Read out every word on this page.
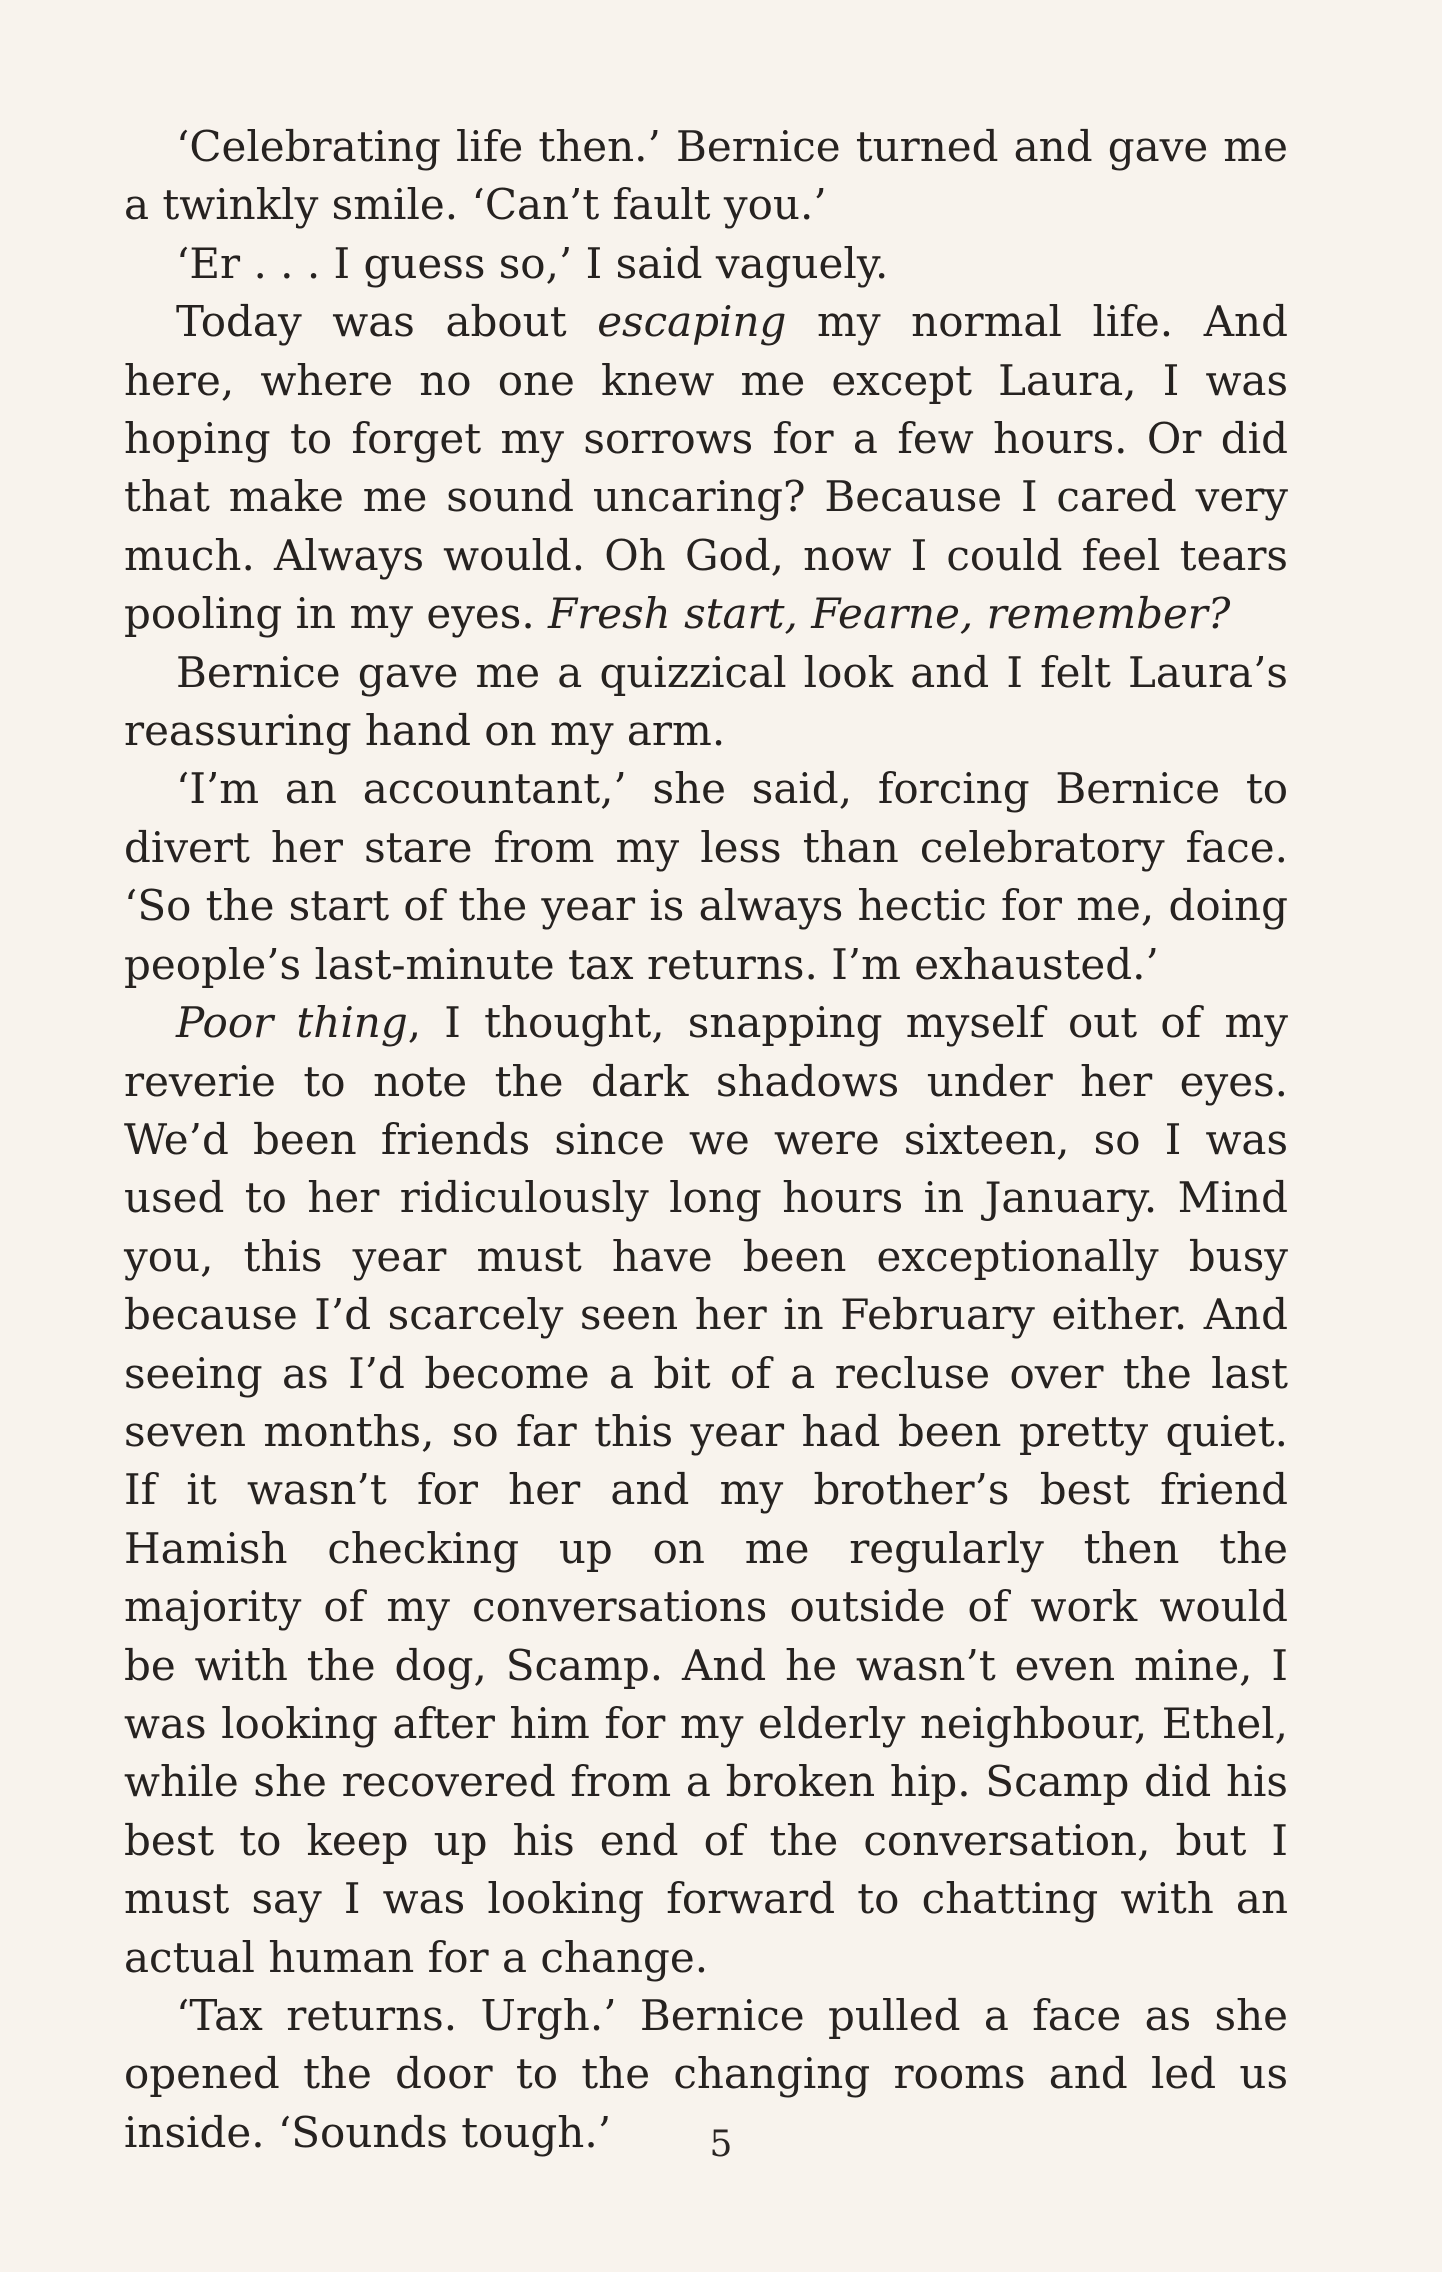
‘Celebrating life then.’ Bernice turned and gave me a twinkly smile. ‘Can’t fault you.’

‘Er . . . I guess so,’ I said vaguely.

Today was about escaping my normal life. And here, where no one knew me except Laura, I was hoping to forget my sorrows for a few hours. Or did that make me sound uncaring? Because I cared very much. Always would. Oh God, now I could feel tears pooling in my eyes. Fresh start, Fearne, remember?

Bernice gave me a quizzical look and I felt Laura’s reassuring hand on my arm.

‘I’m an accountant,’ she said, forcing Bernice to divert her stare from my less than celebratory face. ‘So the start of the year is always hectic for me, doing people’s last-minute tax returns. I’m exhausted.’

Poor thing, I thought, snapping myself out of my reverie to note the dark shadows under her eyes. We’d been friends since we were sixteen, so I was used to her ridiculously long hours in January. Mind you, this year must have been exceptionally busy because I’d scarcely seen her in February either. And seeing as I’d become a bit of a recluse over the last seven months, so far this year had been pretty quiet. If it wasn’t for her and my brother’s best friend Hamish checking up on me regularly then the majority of my conversations outside of work would be with the dog, Scamp. And he wasn’t even mine, I was looking after him for my elderly neighbour, Ethel, while she recovered from a broken hip. Scamp did his best to keep up his end of the conversation, but I must say I was looking forward to chatting with an actual human for a change.

‘Tax returns. Urgh.’ Bernice pulled a face as she opened the door to the changing rooms and led us inside. ‘Sounds tough.’	5
